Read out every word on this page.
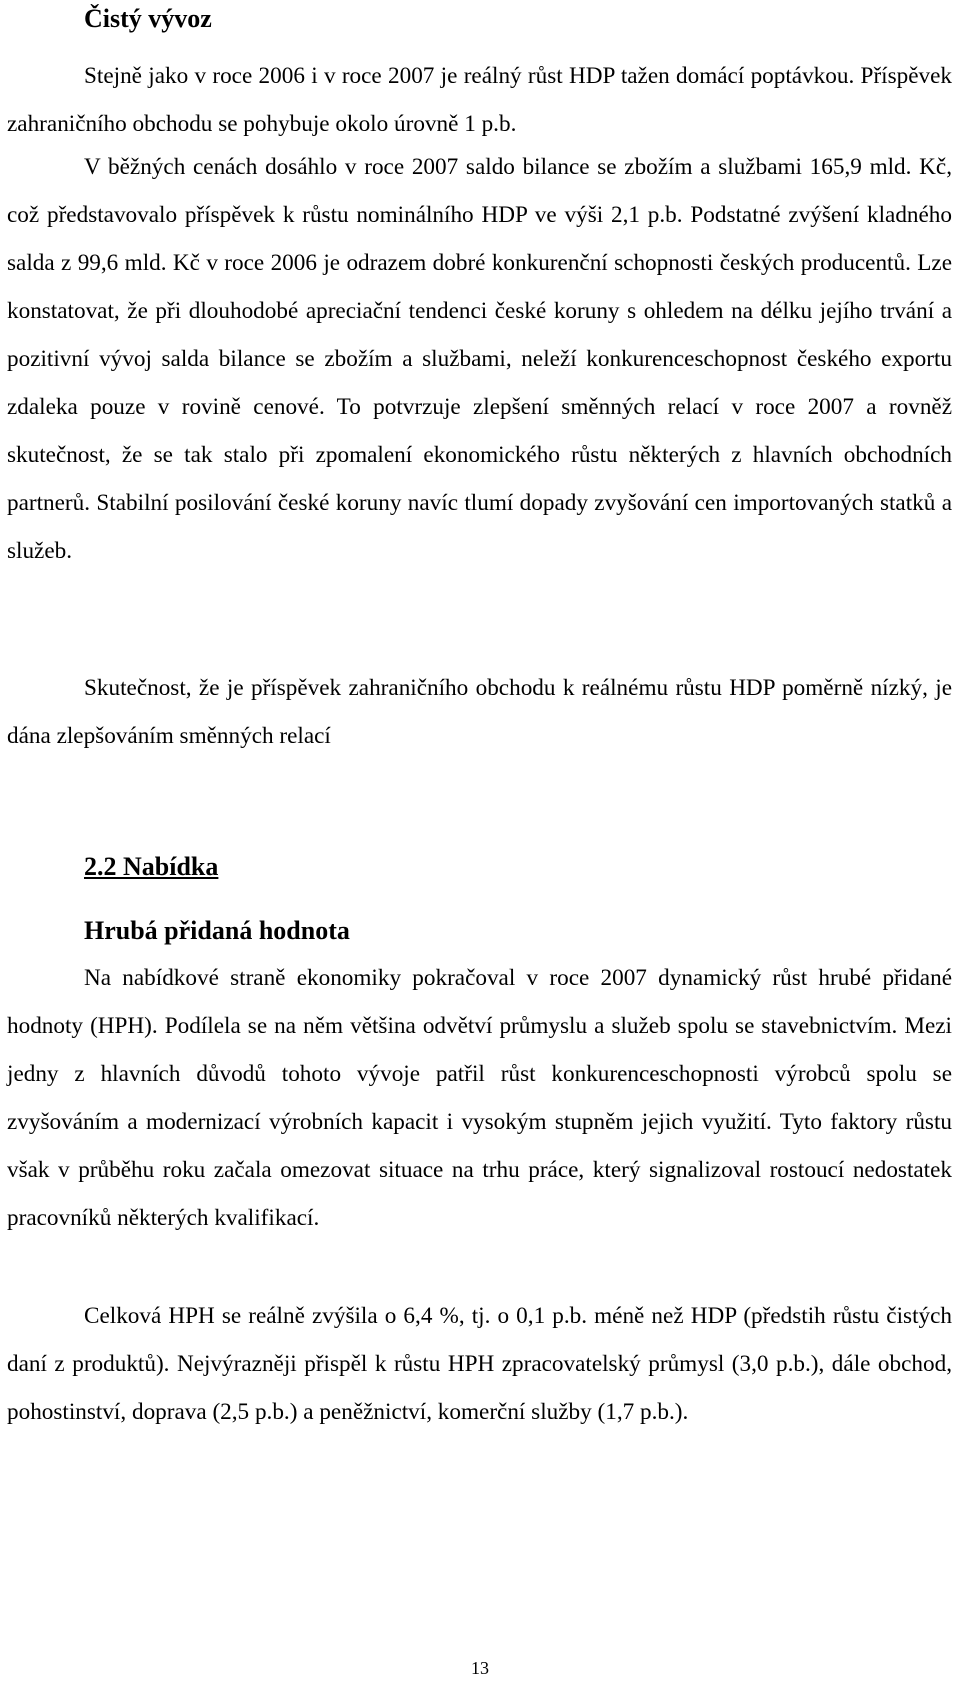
Čistý vývoz

Stejně jako v roce 2006 i v roce 2007 je reálný růst HDP tažen domácí poptávkou. Příspěvek zahraničního obchodu se pohybuje okolo úrovně 1 p.b.

V běžných cenách dosáhlo v roce 2007 saldo bilance se zbožím a službami 165,9 mld. Kč, což představovalo příspěvek k růstu nominálního HDP ve výši 2,1 p.b. Podstatné zvýšení kladného salda z 99,6 mld. Kč v roce 2006 je odrazem dobré konkurenční schopnosti českých producentů. Lze konstatovat, že při dlouhodobé apreciační tendenci české koruny s ohledem na délku jejího trvání a pozitivní vývoj salda bilance se zbožím a službami, neleží konkurenceschopnost českého exportu zdaleka pouze v rovině cenové. To potvrzuje zlepšení směnných relací v roce 2007 a rovněž skutečnost, že se tak stalo při zpomalení ekonomického růstu některých z hlavních obchodních partnerů. Stabilní posilování české koruny navíc tlumí dopady zvyšování cen importovaných statků a služeb.

Skutečnost, že je příspěvek zahraničního obchodu k reálnému růstu HDP poměrně nízký, je dána zlepšováním směnných relací

2.2 Nabídka
Hrubá přidaná hodnota

Na nabídkové straně ekonomiky pokračoval v roce 2007 dynamický růst hrubé přidané hodnoty (HPH). Podílela se na něm většina odvětví průmyslu a služeb spolu se stavebnictvím. Mezi jedny z hlavních důvodů tohoto vývoje patřil růst konkurenceschopnosti výrobců spolu se zvyšováním a modernizací výrobních kapacit i vysokým stupněm jejich využití. Tyto faktory růstu však v průběhu roku začala omezovat situace na trhu práce, který signalizoval rostoucí nedostatek pracovníků některých kvalifikací.

Celková HPH se reálně zvýšila o 6,4 %, tj. o 0,1 p.b. méně než HDP (předstih růstu čistých daní z produktů). Nejvýrazněji přispěl k růstu HPH zpracovatelský průmysl (3,0 p.b.), dále obchod, pohostinství, doprava (2,5 p.b.) a peněžnictví, komerční služby (1,7 p.b.).

13
